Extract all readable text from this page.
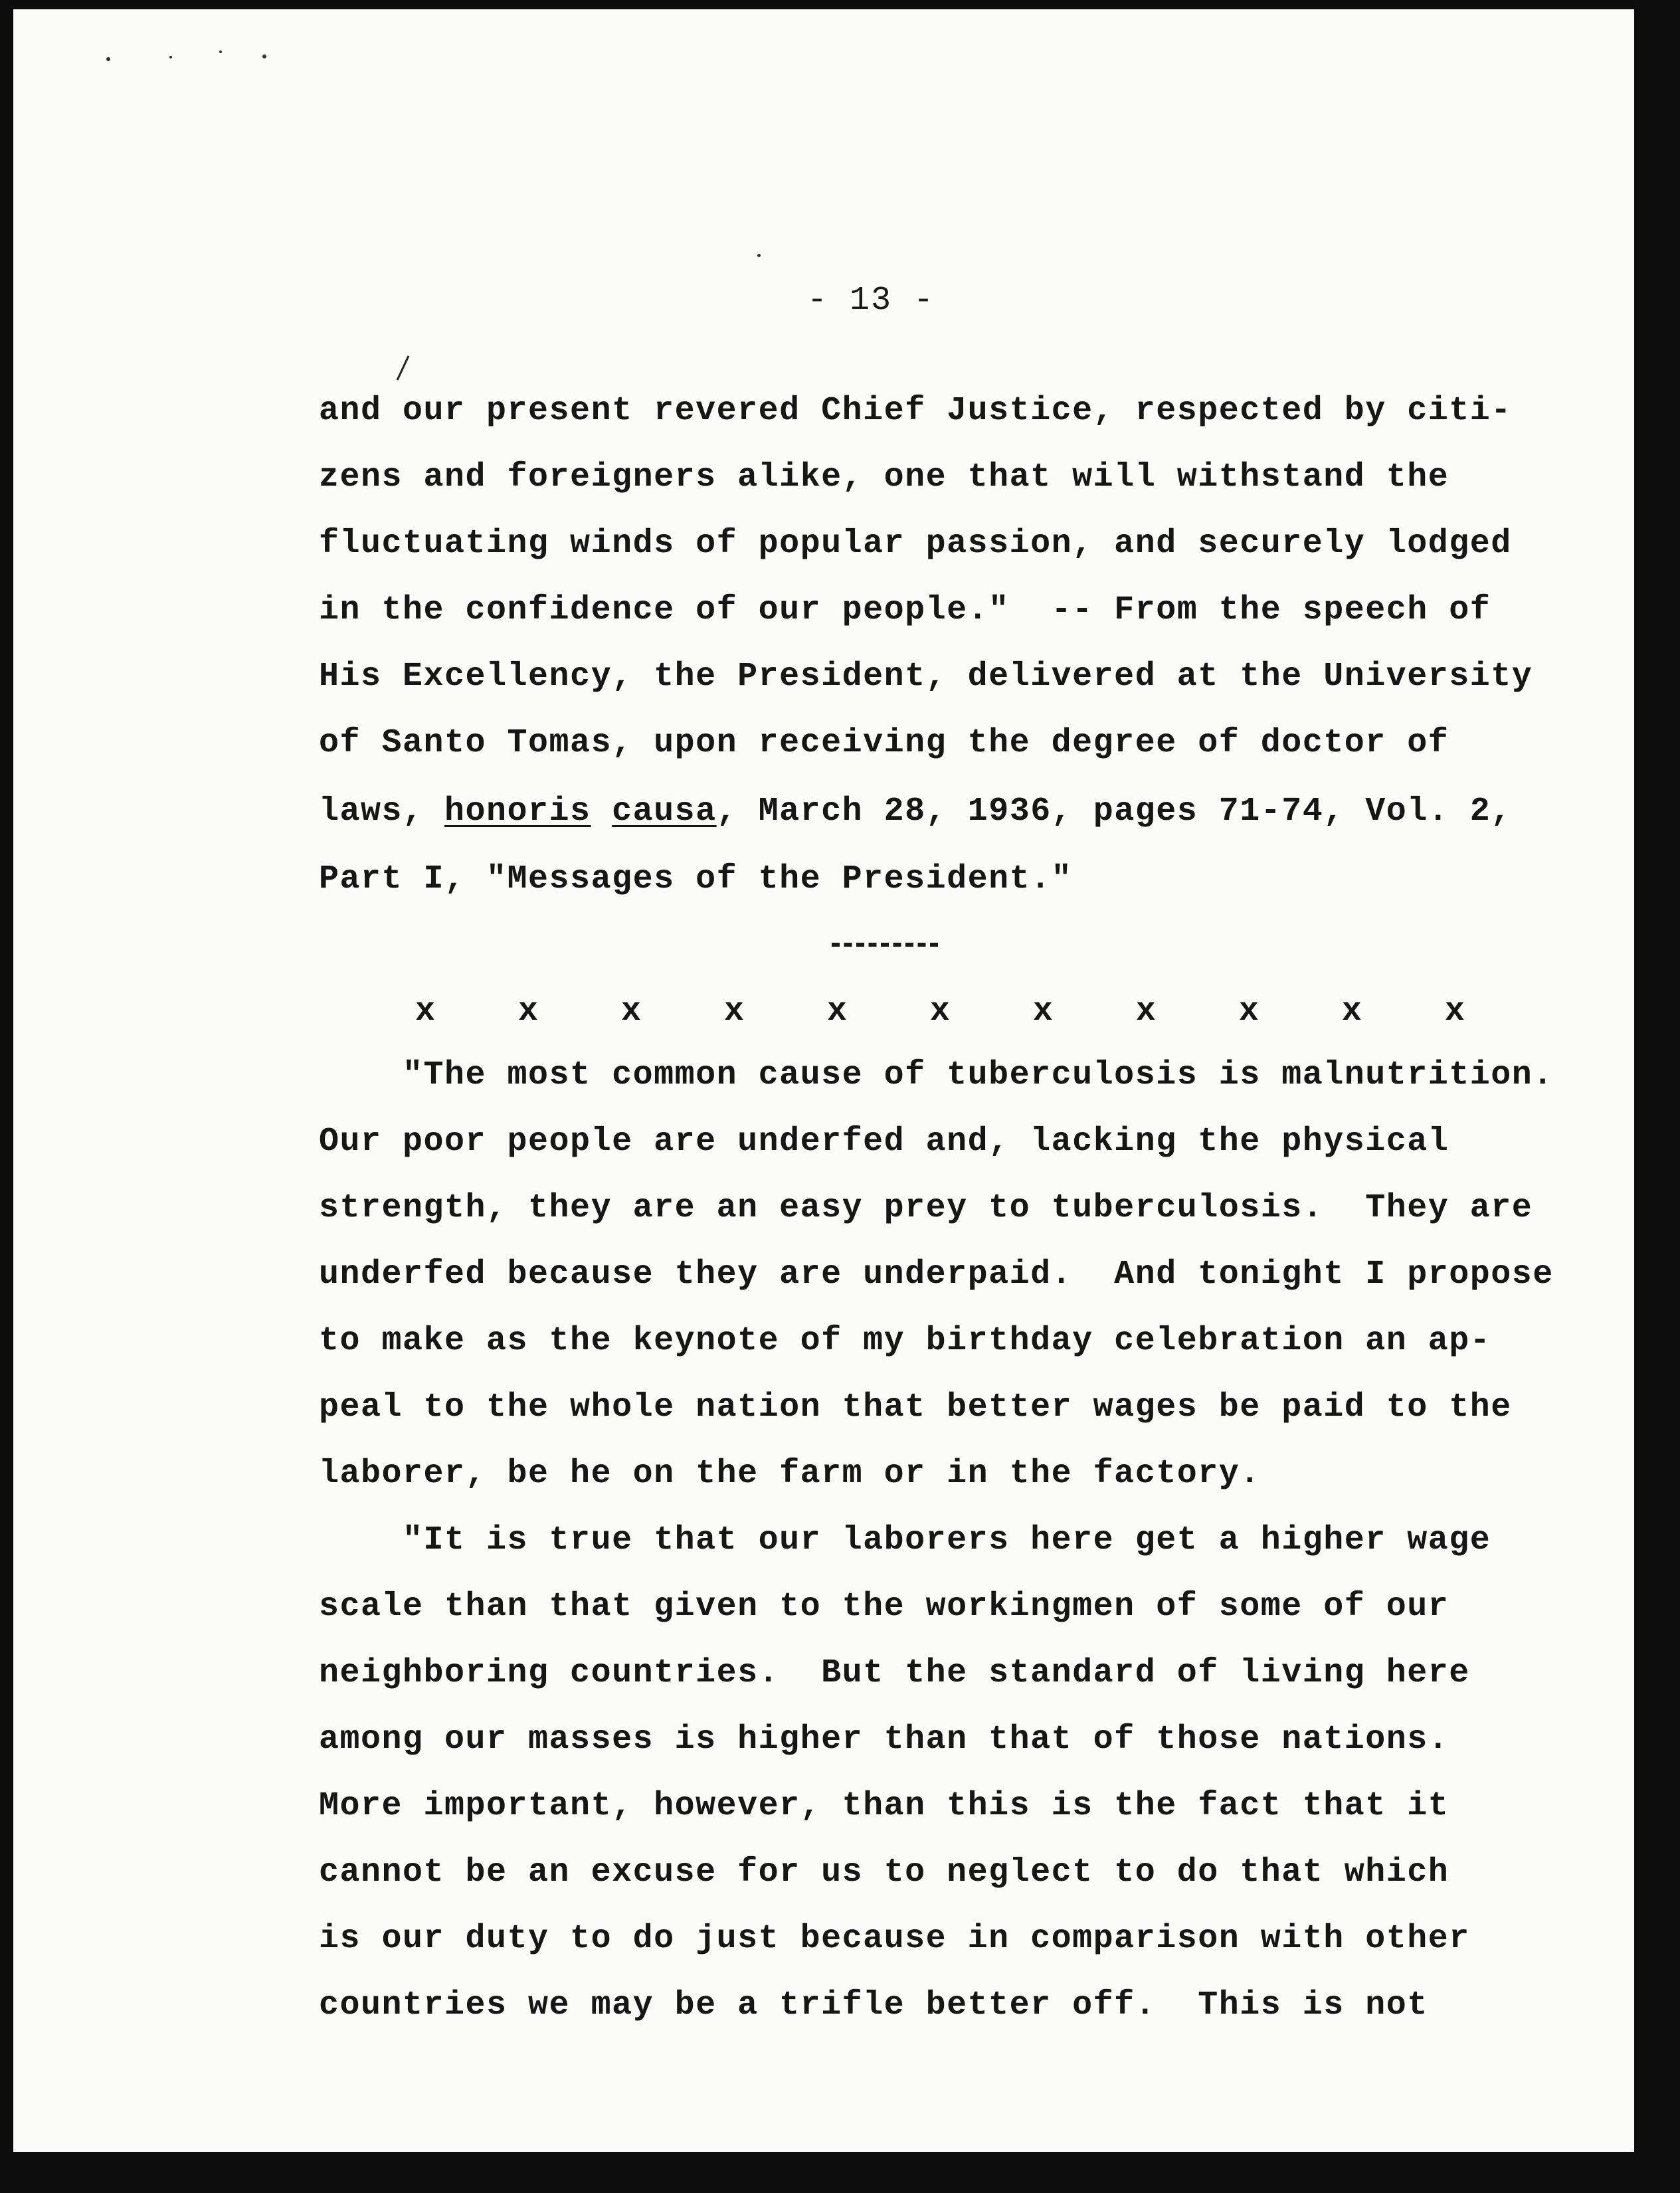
- 13 -
and our present revered Chief Justice, respected by citi-
zens and foreigners alike, one that will withstand the
fluctuating winds of popular passion, and securely lodged
in the confidence of our people."  -- From the speech of
His Excellency, the President, delivered at the University
of Santo Tomas, upon receiving the degree of doctor of
laws, honoris causa, March 28, 1936, pages 71-74, Vol. 2,
Part I, "Messages of the President."
x x x x x x x x x x x
"The most common cause of tuberculosis is malnutrition.
Our poor people are underfed and, lacking the physical
strength, they are an easy prey to tuberculosis.  They are
underfed because they are underpaid.  And tonight I propose
to make as the keynote of my birthday celebration an ap-
peal to the whole nation that better wages be paid to the
laborer, be he on the farm or in the factory.
"It is true that our laborers here get a higher wage
scale than that given to the workingmen of some of our
neighboring countries.  But the standard of living here
among our masses is higher than that of those nations.
More important, however, than this is the fact that it
cannot be an excuse for us to neglect to do that which
is our duty to do just because in comparison with other
countries we may be a trifle better off.  This is not
